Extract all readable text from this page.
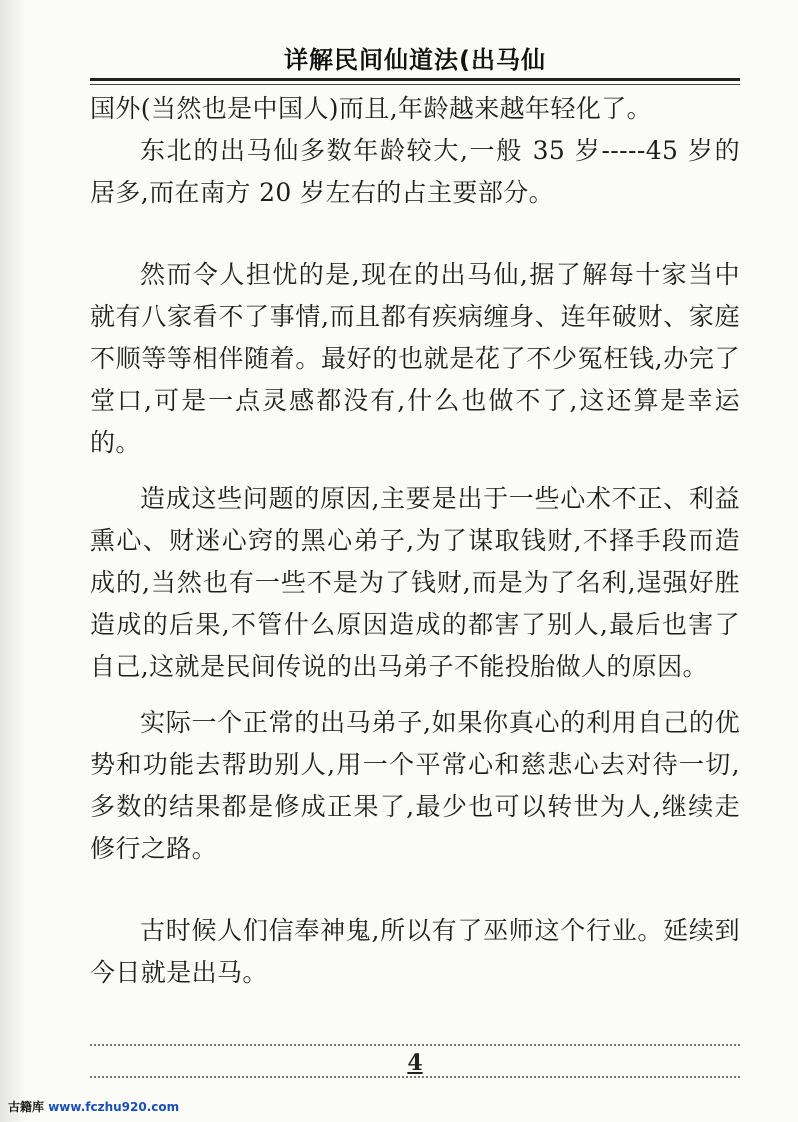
详解民间仙道法(出马仙

国外(当然也是中国人)而且,年龄越来越年轻化了。

东北的出马仙多数年龄较大,一般 35 岁-----45 岁的居多,而在南方 20 岁左右的占主要部分。

然而令人担忧的是,现在的出马仙,据了解每十家当中就有八家看不了事情,而且都有疾病缠身、连年破财、家庭不顺等等相伴随着。最好的也就是花了不少冤枉钱,办完了堂口,可是一点灵感都没有,什么也做不了,这还算是幸运的。

造成这些问题的原因,主要是出于一些心术不正、利益熏心、财迷心窍的黑心弟子,为了谋取钱财,不择手段而造成的,当然也有一些不是为了钱财,而是为了名利,逞强好胜造成的后果,不管什么原因造成的都害了别人,最后也害了自己,这就是民间传说的出马弟子不能投胎做人的原因。

实际一个正常的出马弟子,如果你真心的利用自己的优势和功能去帮助别人,用一个平常心和慈悲心去对待一切,多数的结果都是修成正果了,最少也可以转世为人,继续走修行之路。

古时候人们信奉神鬼,所以有了巫师这个行业。延续到今日就是出马。

4
古籍库 www.fczhu920.com
